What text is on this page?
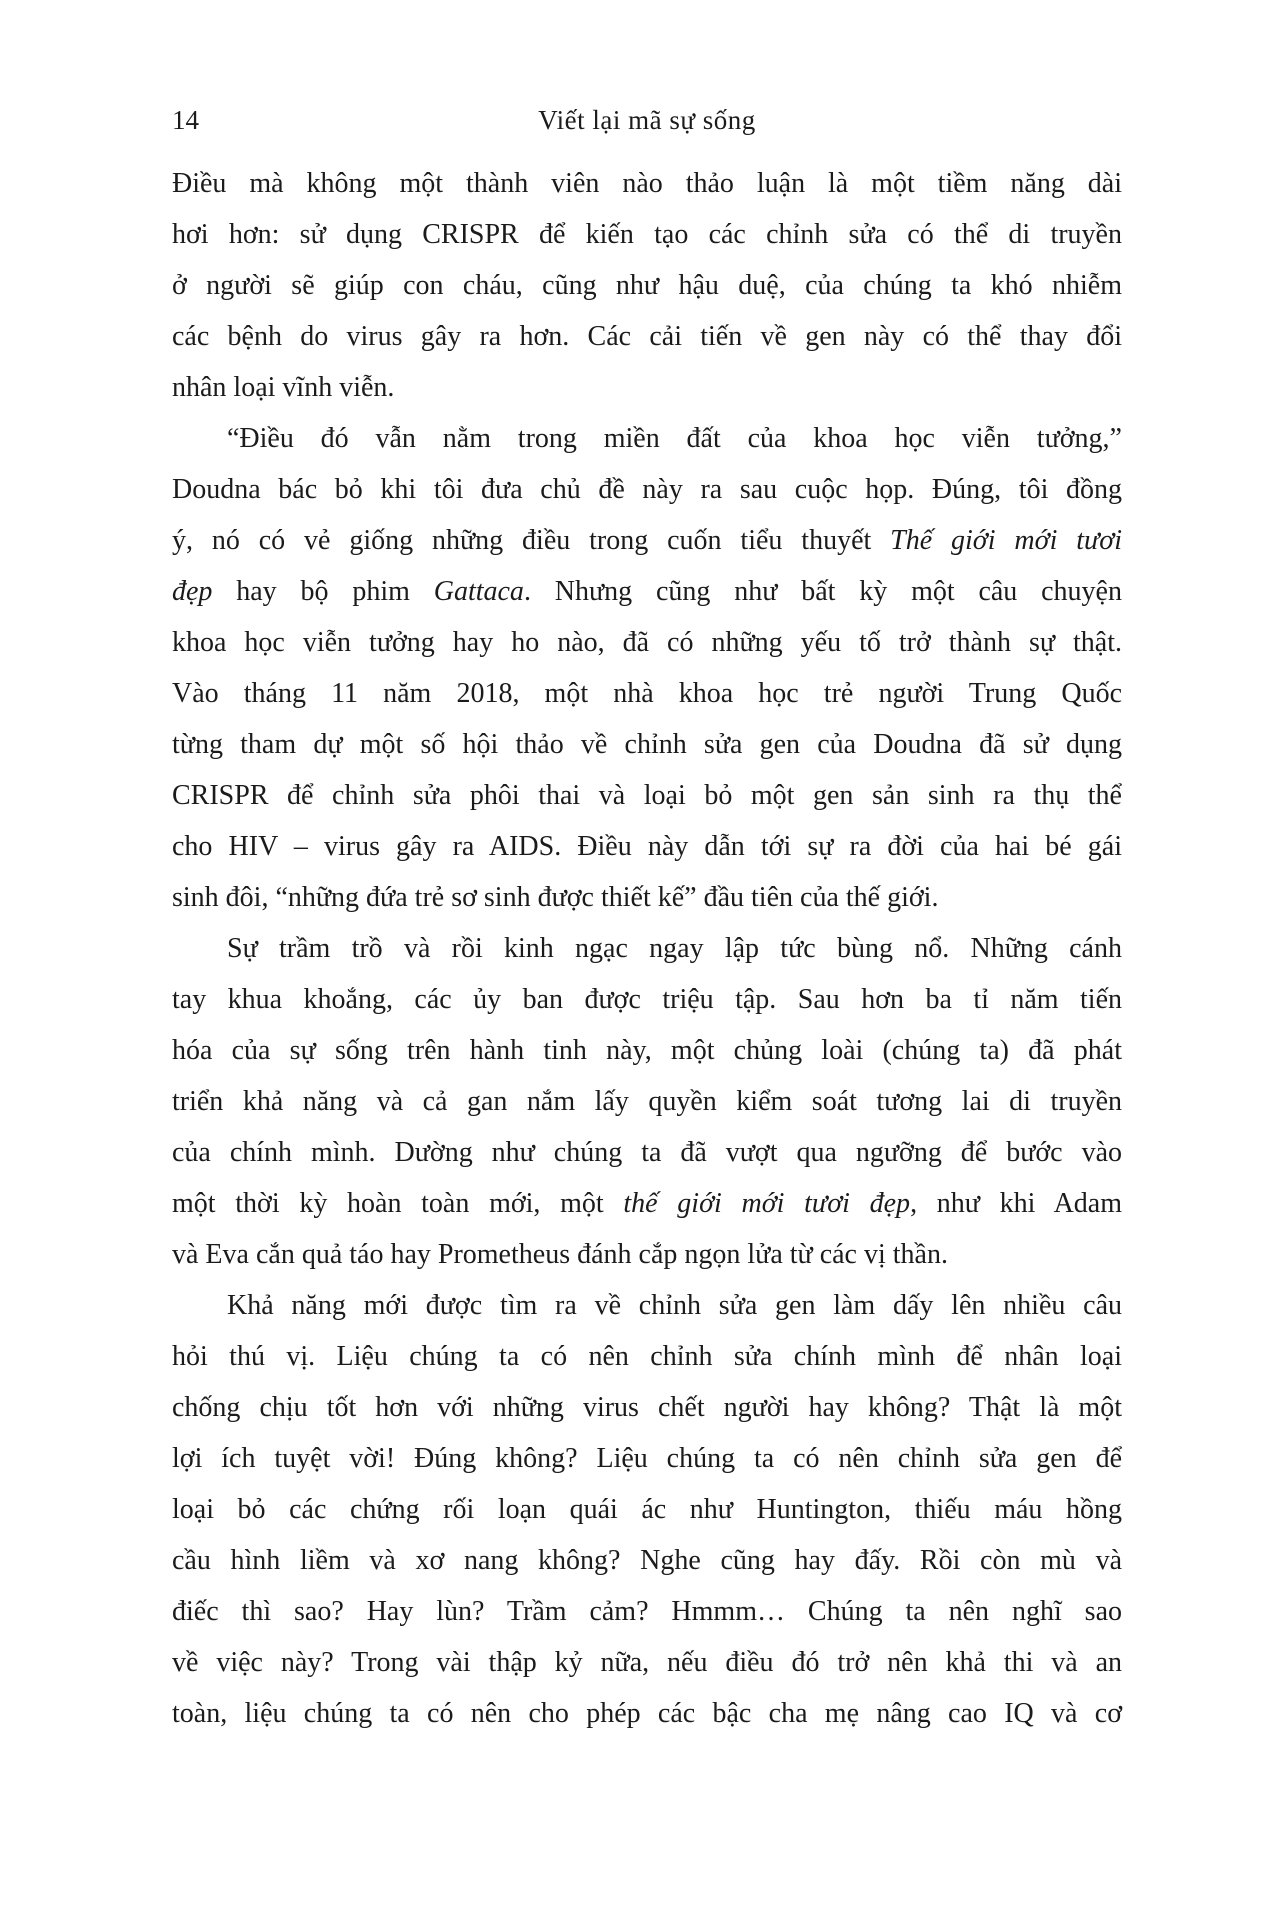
14	Viết lại mã sự sống
Điều mà không một thành viên nào thảo luận là một tiềm năng dài
hơi hơn: sử dụng CRISPR để kiến tạo các chỉnh sửa có thể di truyền
ở người sẽ giúp con cháu, cũng như hậu duệ, của chúng ta khó nhiễm
các bệnh do virus gây ra hơn. Các cải tiến về gen này có thể thay đổi
nhân loại vĩnh viễn.
“Điều đó vẫn nằm trong miền đất của khoa học viễn tưởng,”
Doudna bác bỏ khi tôi đưa chủ đề này ra sau cuộc họp. Đúng, tôi đồng
ý, nó có vẻ giống những điều trong cuốn tiểu thuyết Thế giới mới tươi
đẹp hay bộ phim Gattaca. Nhưng cũng như bất kỳ một câu chuyện
khoa học viễn tưởng hay ho nào, đã có những yếu tố trở thành sự thật.
Vào tháng 11 năm 2018, một nhà khoa học trẻ người Trung Quốc
từng tham dự một số hội thảo về chỉnh sửa gen của Doudna đã sử dụng
CRISPR để chỉnh sửa phôi thai và loại bỏ một gen sản sinh ra thụ thể
cho HIV – virus gây ra AIDS. Điều này dẫn tới sự ra đời của hai bé gái
sinh đôi, “những đứa trẻ sơ sinh được thiết kế” đầu tiên của thế giới.
Sự trầm trồ và rồi kinh ngạc ngay lập tức bùng nổ. Những cánh
tay khua khoắng, các ủy ban được triệu tập. Sau hơn ba tỉ năm tiến
hóa của sự sống trên hành tinh này, một chủng loài (chúng ta) đã phát
triển khả năng và cả gan nắm lấy quyền kiểm soát tương lai di truyền
của chính mình. Dường như chúng ta đã vượt qua ngưỡng để bước vào
một thời kỳ hoàn toàn mới, một thế giới mới tươi đẹp, như khi Adam
và Eva cắn quả táo hay Prometheus đánh cắp ngọn lửa từ các vị thần.
Khả năng mới được tìm ra về chỉnh sửa gen làm dấy lên nhiều câu
hỏi thú vị. Liệu chúng ta có nên chỉnh sửa chính mình để nhân loại
chống chịu tốt hơn với những virus chết người hay không? Thật là một
lợi ích tuyệt vời! Đúng không? Liệu chúng ta có nên chỉnh sửa gen để
loại bỏ các chứng rối loạn quái ác như Huntington, thiếu máu hồng
cầu hình liềm và xơ nang không? Nghe cũng hay đấy. Rồi còn mù và
điếc thì sao? Hay lùn? Trầm cảm? Hmmm… Chúng ta nên nghĩ sao
về việc này? Trong vài thập kỷ nữa, nếu điều đó trở nên khả thi và an
toàn, liệu chúng ta có nên cho phép các bậc cha mẹ nâng cao IQ và cơ
